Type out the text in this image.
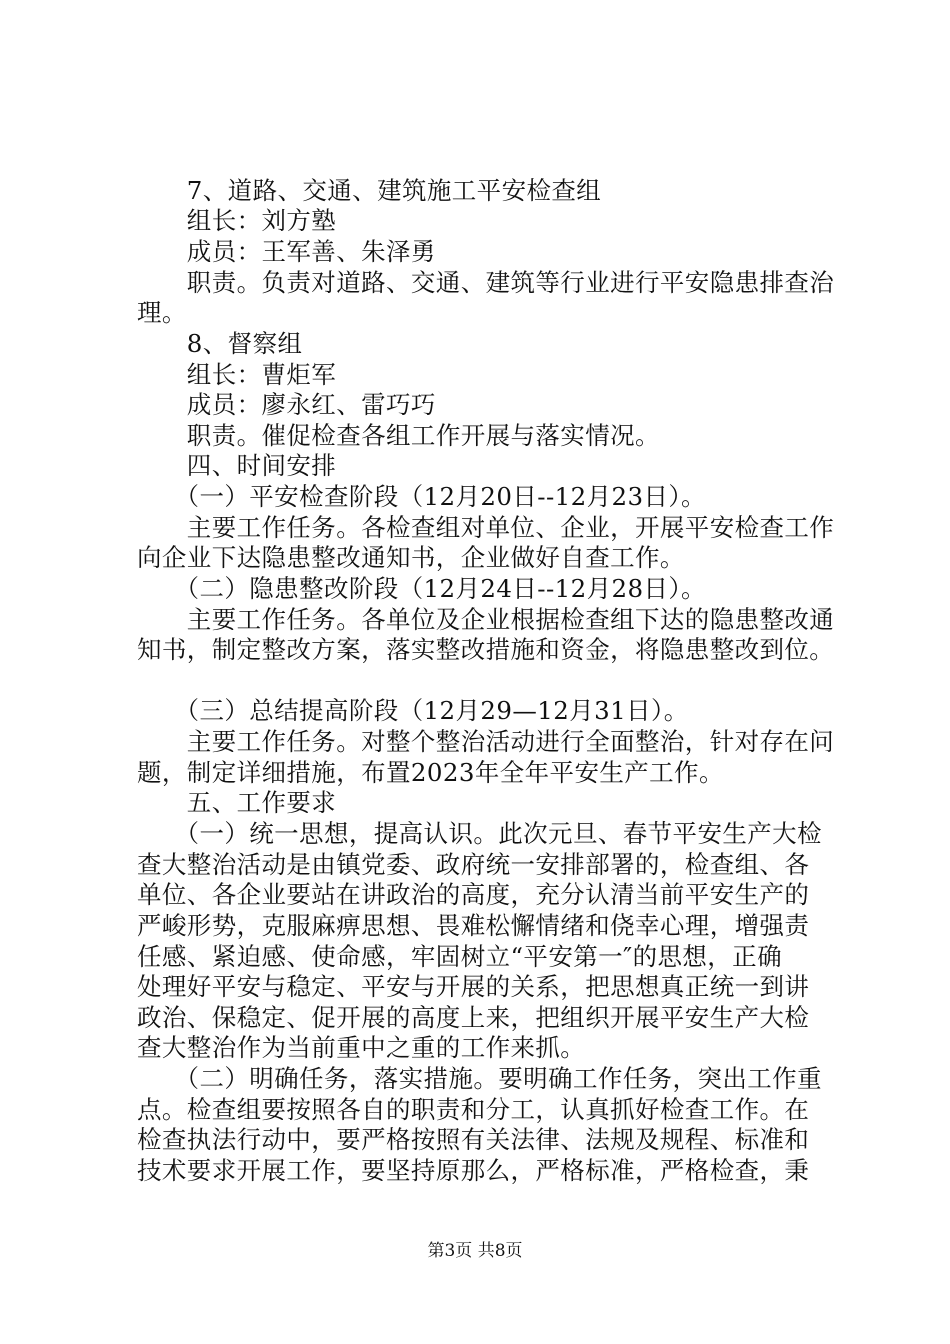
　　7、道路、交通、建筑施工平安检查组
　　组长：刘方塾
　　成员：王军善、朱泽勇
　　职责。负责对道路、交通、建筑等行业进行平安隐患排查治
理。
　　8、督察组
　　组长：曹炬军
　　成员：廖永红、雷巧巧
　　职责。催促检查各组工作开展与落实情况。
　　四、时间安排
　　（一）平安检查阶段（12月20日--12月23日）。
　　主要工作任务。各检查组对单位、企业，开展平安检查工作
向企业下达隐患整改通知书，企业做好自查工作。
　　（二）隐患整改阶段（12月24日--12月28日）。
　　主要工作任务。各单位及企业根据检查组下达的隐患整改通
知书，制定整改方案，落实整改措施和资金，将隐患整改到位。
　　（三）总结提高阶段（12月29—12月31日）。
　　主要工作任务。对整个整治活动进行全面整治，针对存在问
题，制定详细措施，布置2023年全年平安生产工作。
　　五、工作要求
　　（一）统一思想，提高认识。此次元旦、春节平安生产大检
查大整治活动是由镇党委、政府统一安排部署的，检查组、各
单位、各企业要站在讲政治的高度，充分认清当前平安生产的
严峻形势，克服麻痹思想、畏难松懈情绪和侥幸心理，增强责
任感、紧迫感、使命感，牢固树立“平安第一″的思想，正确
处理好平安与稳定、平安与开展的关系，把思想真正统一到讲
政治、保稳定、促开展的高度上来，把组织开展平安生产大检
查大整治作为当前重中之重的工作来抓。
　　（二）明确任务，落实措施。要明确工作任务，突出工作重
点。检查组要按照各自的职责和分工，认真抓好检查工作。在
检查执法行动中，要严格按照有关法律、法规及规程、标准和
技术要求开展工作，要坚持原那么，严格标准，严格检查，秉
第3页 共8页
